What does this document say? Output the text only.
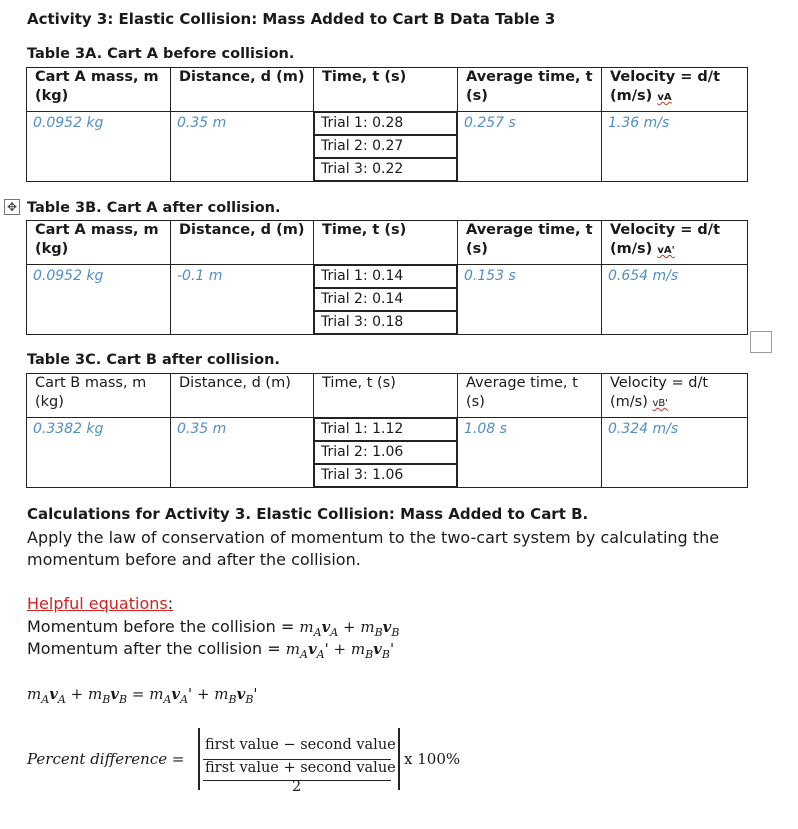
Activity 3: Elastic Collision: Mass Added to Cart B Data Table 3
Table 3A. Cart A before collision.
Cart A mass, m (kg)	Distance, d (m)	Time, t (s)	Average time, t (s)	Velocity = d/t (m/s) vA
0.0952 kg	0.35 m	Trial 1: 0.28
Trial 2: 0.27
Trial 3: 0.22	0.257 s	1.36 m/s
✥ Table 3B. Cart A after collision.
Cart A mass, m (kg)	Distance, d (m)	Time, t (s)	Average time, t (s)	Velocity = d/t (m/s) vA'
0.0952 kg	-0.1 m	Trial 1: 0.14
Trial 2: 0.14
Trial 3: 0.18	0.153 s	0.654 m/s
Table 3C. Cart B after collision.
Cart B mass, m (kg)	Distance, d (m)	Time, t (s)	Average time, t (s)	Velocity = d/t (m/s) vB'
0.3382 kg	0.35 m	Trial 1: 1.12
Trial 2: 1.06
Trial 3: 1.06	1.08 s	0.324 m/s
Calculations for Activity 3. Elastic Collision: Mass Added to Cart B.
Apply the law of conservation of momentum to the two-cart system by calculating the momentum before and after the collision.
Helpful equations:
Momentum before the collision = $m_Av_A + m_Bv_B$
Momentum after the collision = $m_Av_A' + m_Bv_B'$
$m_Av_A + m_Bv_B = m_Av_A' + m_Bv_B'$
Percent difference =
first value − second value
first value + second value
2
x 100%
